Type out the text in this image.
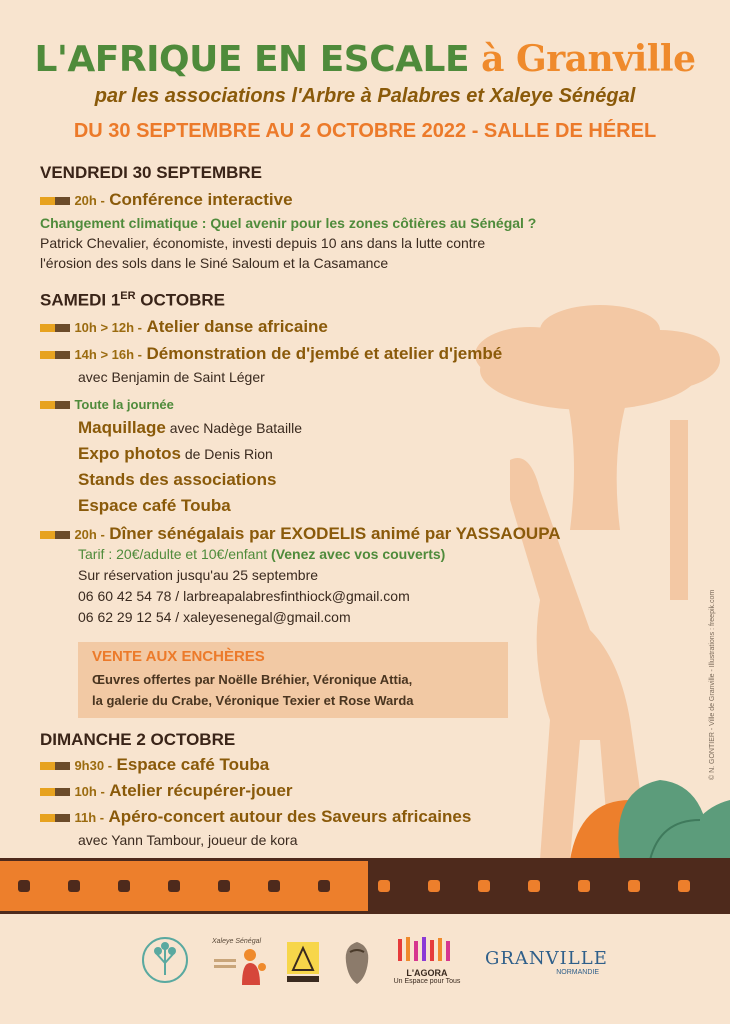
L'AFRIQUE EN ESCALE à Granville
par les associations l'Arbre à Palabres et Xaleye Sénégal
DU 30 SEPTEMBRE AU 2 OCTOBRE 2022 - SALLE DE HÉREL
VENDREDI 30 SEPTEMBRE
20h - Conférence interactive
Changement climatique : Quel avenir pour les zones côtières au Sénégal ?
Patrick Chevalier, économiste, investi depuis 10 ans dans la lutte contre
l'érosion des sols dans le Siné Saloum et la Casamance
SAMEDI 1ER OCTOBRE
10h > 12h - Atelier danse africaine
14h > 16h - Démonstration de d'jembé et atelier d'jembé
avec Benjamin de Saint Léger
Toute la journée
Maquillage avec Nadège Bataille
Expo photos de Denis Rion
Stands des associations
Espace café Touba
20h - Dîner sénégalais par EXODELIS animé par YASSAOUPA
Tarif : 20€/adulte et 10€/enfant (Venez avec vos couverts)
Sur réservation jusqu'au 25 septembre
06 60 42 54 78 / larbreapalabresfinthiock@gmail.com
06 62 29 12 54 / xaleyesenegal@gmail.com
VENTE AUX ENCHÈRES
Œuvres offertes par Noëlle Bréhier, Véronique Attia,
la galerie du Crabe, Véronique Texier et Rose Warda
DIMANCHE 2 OCTOBRE
9h30 - Espace café Touba
10h - Atelier récupérer-jouer
11h - Apéro-concert autour des Saveurs africaines
avec Yann Tambour, joueur de kora
© N. GONTIER - Ville de Granville - Illustrations : freepik.com
Xaleye Sénégal
L'AGORA
Un Espace pour Tous
GRANVILLE
NORMANDIE
